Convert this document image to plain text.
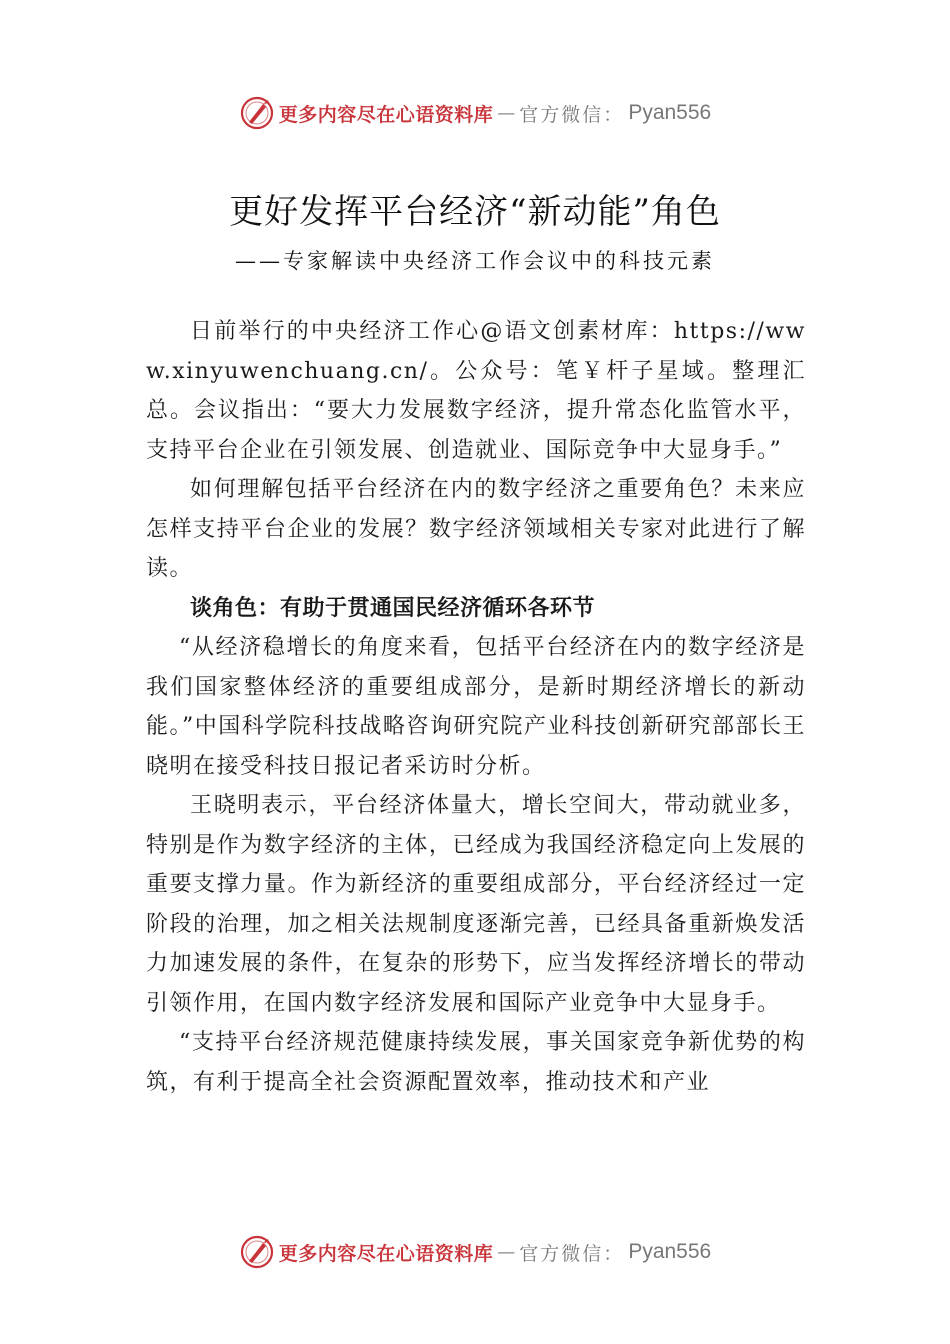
更多内容尽在心语资料库 — 官方微信： Pyan556
更好发挥平台经济“新动能”角色
——专家解读中央经济工作会议中的科技元素

日前举行的中央经济工作心@语文创素材库：https://www.xinyuwenchuang.cn/。公众号：笔￥杆子星域。整理汇总。会议指出：“要大力发展数字经济，提升常态化监管水平，支持平台企业在引领发展、创造就业、国际竞争中大显身手。”

如何理解包括平台经济在内的数字经济之重要角色？未来应怎样支持平台企业的发展？数字经济领域相关专家对此进行了解读。

谈角色：有助于贯通国民经济循环各环节

“从经济稳增长的角度来看，包括平台经济在内的数字经济是我们国家整体经济的重要组成部分，是新时期经济增长的新动能。”中国科学院科技战略咨询研究院产业科技创新研究部部长王晓明在接受科技日报记者采访时分析。

王晓明表示，平台经济体量大，增长空间大，带动就业多，特别是作为数字经济的主体，已经成为我国经济稳定向上发展的重要支撑力量。作为新经济的重要组成部分，平台经济经过一定阶段的治理，加之相关法规制度逐渐完善，已经具备重新焕发活力加速发展的条件，在复杂的形势下，应当发挥经济增长的带动引领作用，在国内数字经济发展和国际产业竞争中大显身手。

“支持平台经济规范健康持续发展，事关国家竞争新优势的构筑，有利于提高全社会资源配置效率，推动技术和产业

更多内容尽在心语资料库 — 官方微信： Pyan556
